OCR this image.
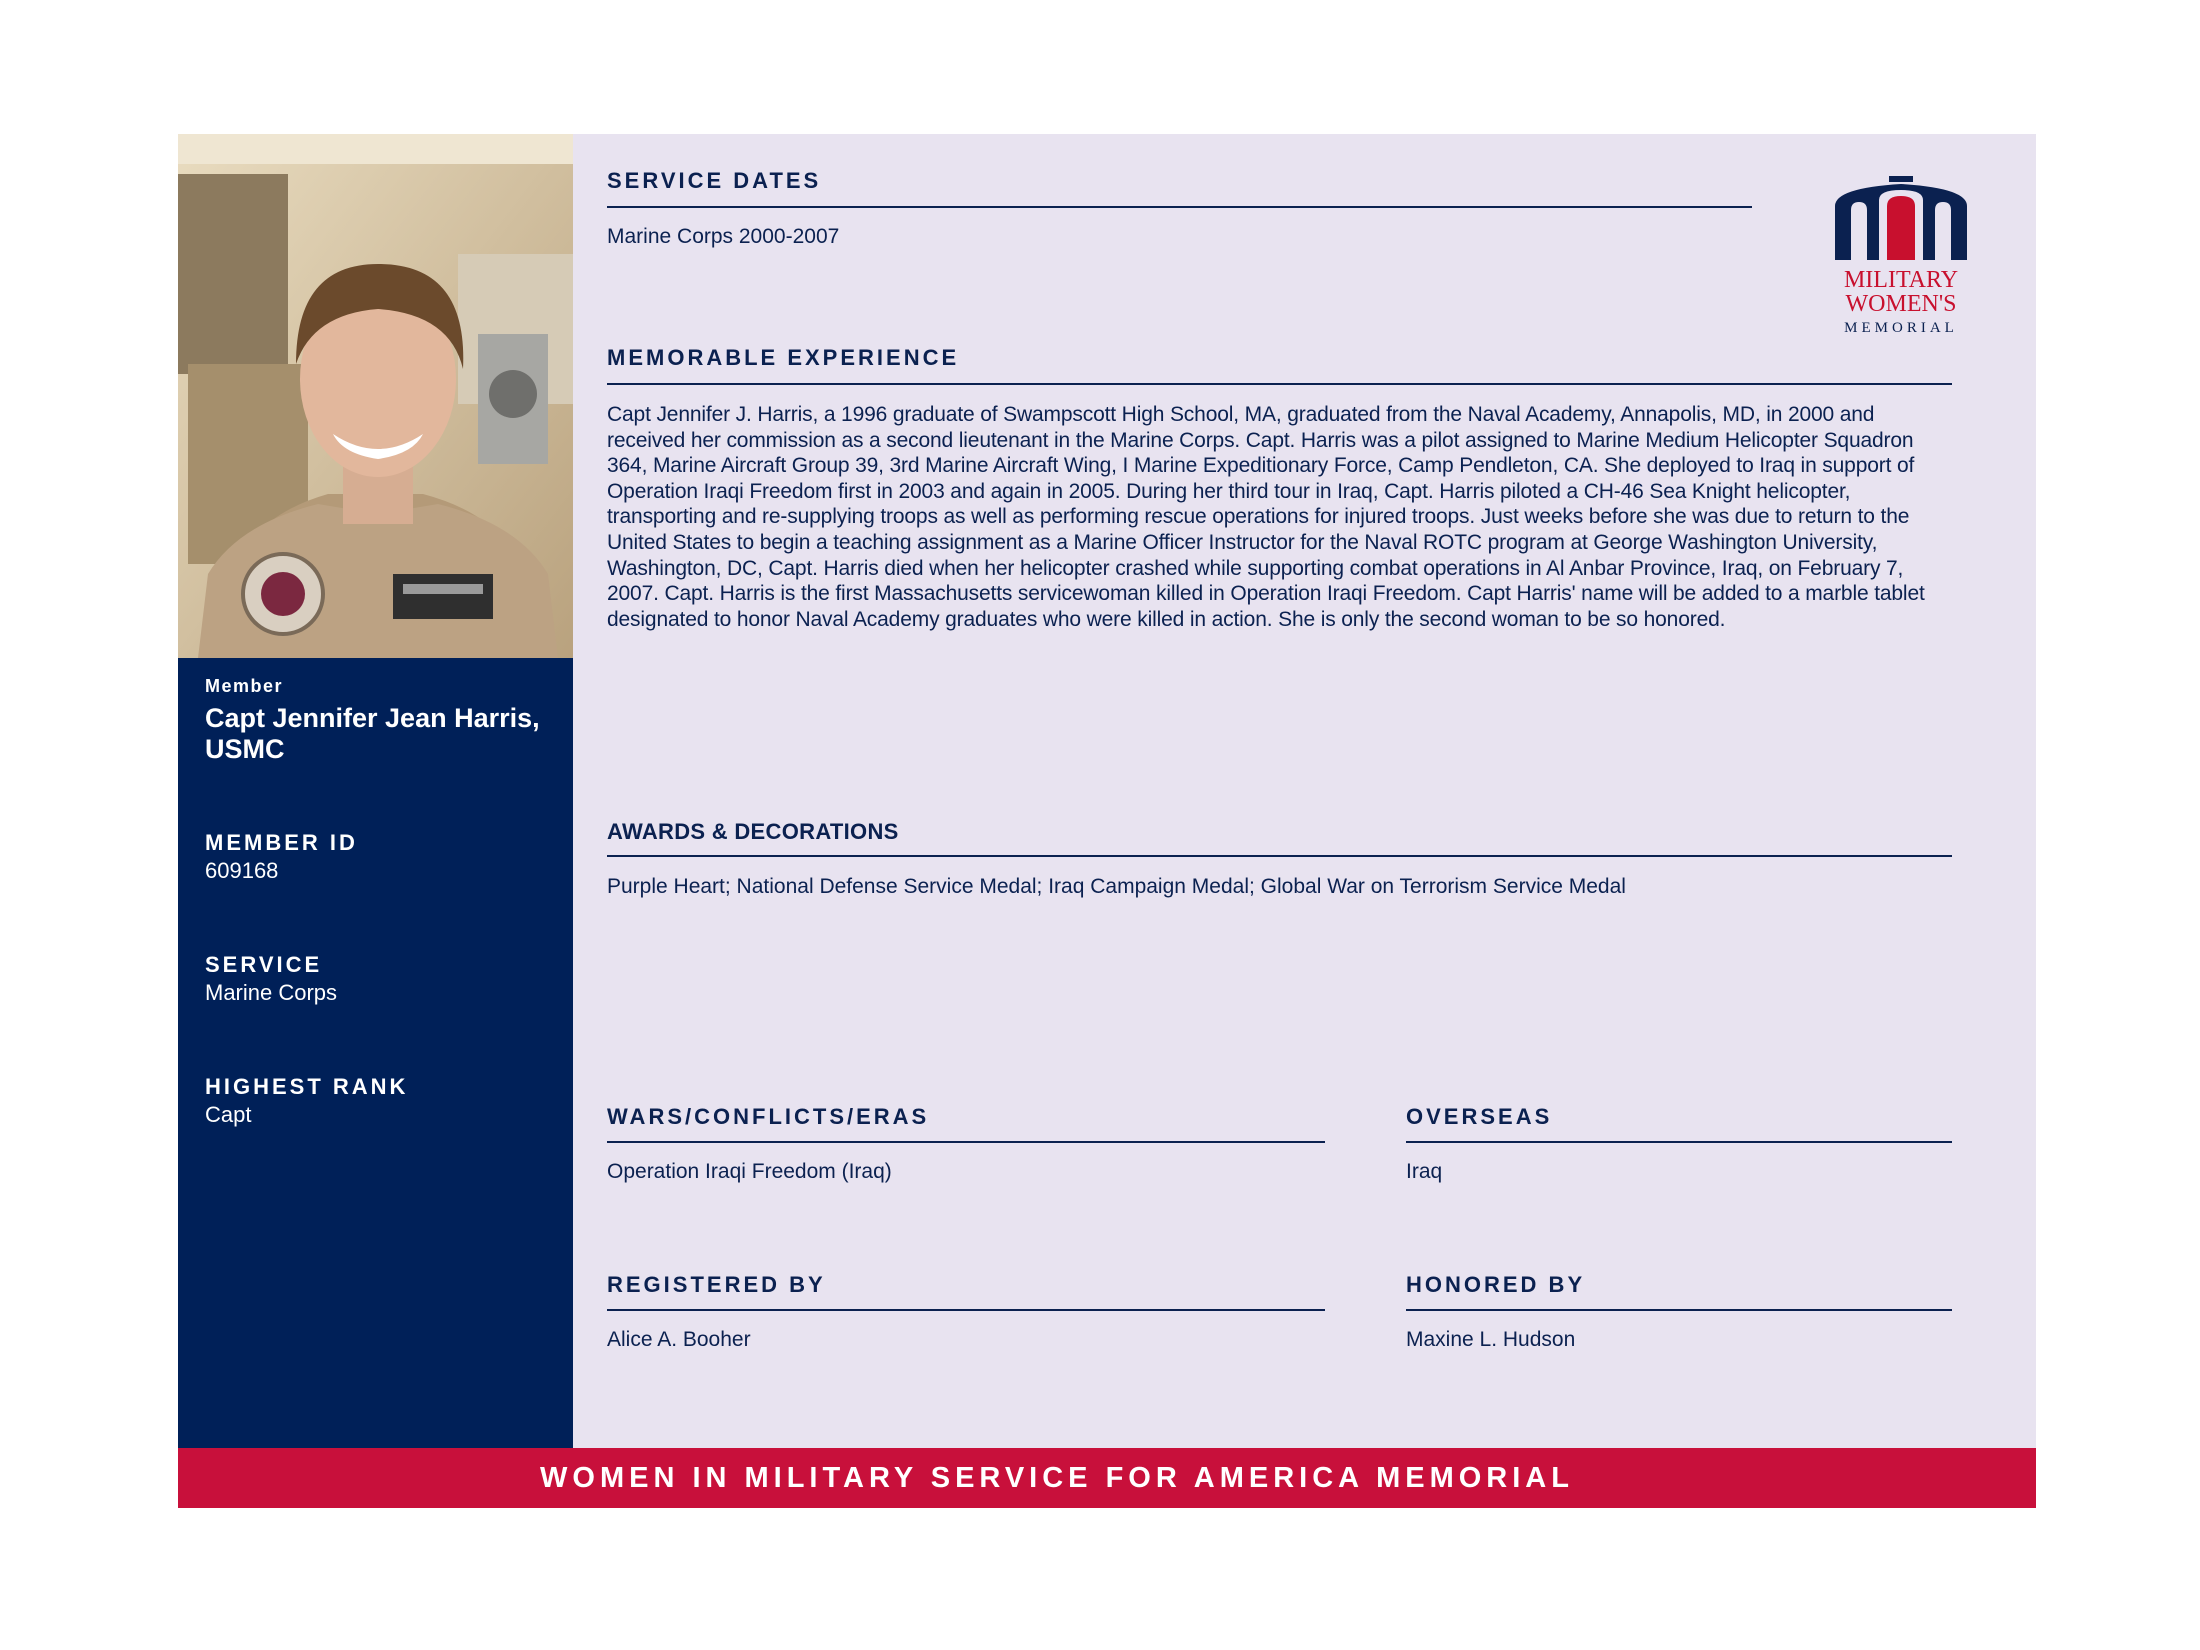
Member
Capt Jennifer Jean Harris, USMC
MEMBER ID
609168
SERVICE
Marine Corps
HIGHEST RANK
Capt
SERVICE DATES
Marine Corps 2000-2007
MILITARY
WOMEN'S
MEMORIAL
MEMORABLE EXPERIENCE
Capt Jennifer J. Harris, a 1996 graduate of Swampscott High School, MA, graduated from the Naval Academy, Annapolis, MD, in 2000 and received her commission as a second lieutenant in the Marine Corps. Capt. Harris was a pilot assigned to Marine Medium Helicopter Squadron 364, Marine Aircraft Group 39, 3rd Marine Aircraft Wing, I Marine Expeditionary Force, Camp Pendleton, CA. She deployed to Iraq in support of Operation Iraqi Freedom first in 2003 and again in 2005. During her third tour in Iraq, Capt. Harris piloted a CH-46 Sea Knight helicopter, transporting and re-supplying troops as well as performing rescue operations for injured troops. Just weeks before she was due to return to the United States to begin a teaching assignment as a Marine Officer Instructor for the Naval ROTC program at George Washington University, Washington, DC, Capt. Harris died when her helicopter crashed while supporting combat operations in Al Anbar Province, Iraq, on February 7, 2007. Capt. Harris is the first Massachusetts servicewoman killed in Operation Iraqi Freedom. Capt Harris' name will be added to a marble tablet designated to honor Naval Academy graduates who were killed in action. She is only the second woman to be so honored.
AWARDS & DECORATIONS
Purple Heart; National Defense Service Medal; Iraq Campaign Medal; Global War on Terrorism Service Medal
WARS/CONFLICTS/ERAS
Operation Iraqi Freedom (Iraq)
OVERSEAS
Iraq
REGISTERED BY
Alice A. Booher
HONORED BY
Maxine L. Hudson
WOMEN IN MILITARY SERVICE FOR AMERICA MEMORIAL
